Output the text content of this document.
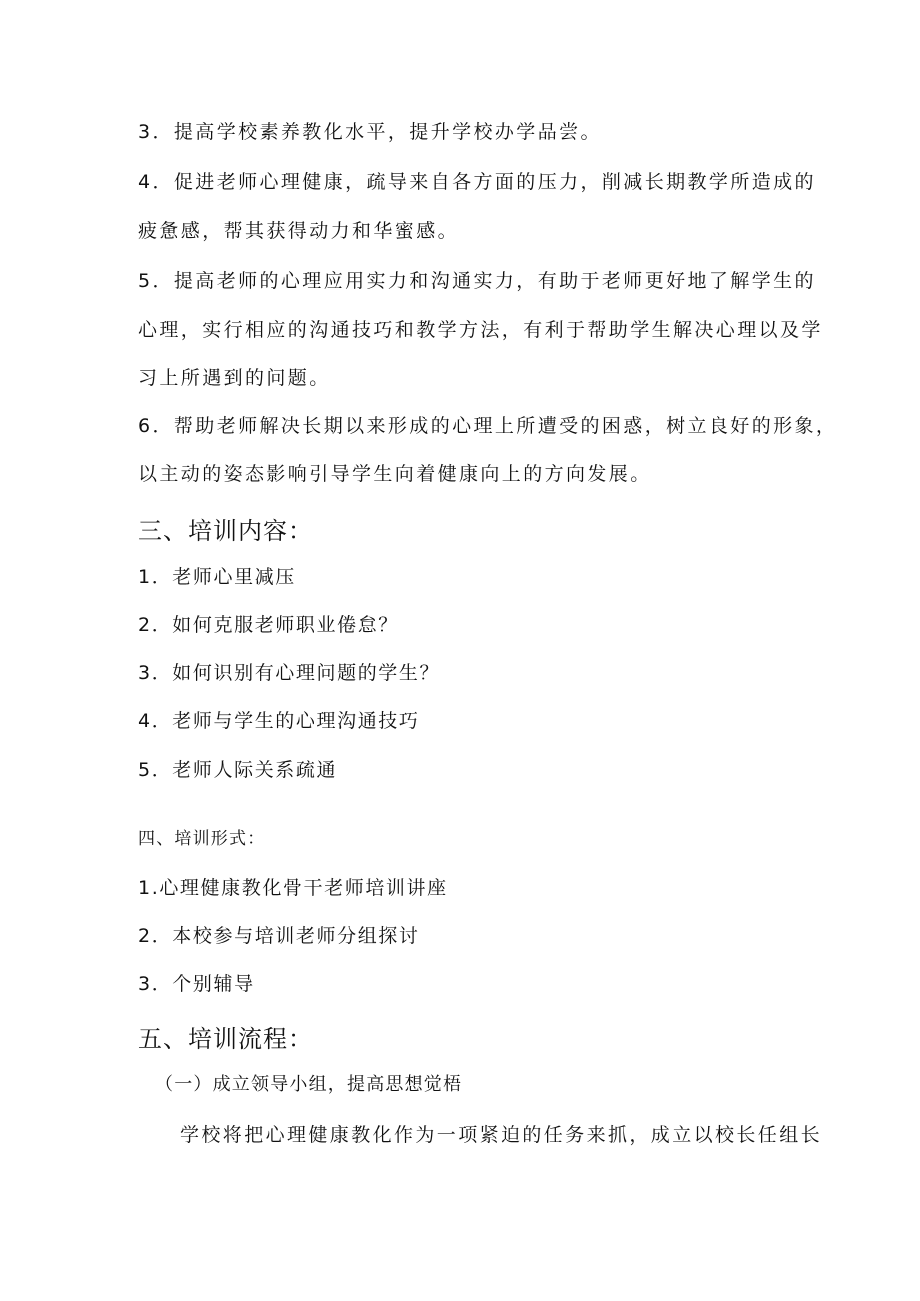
3．提高学校素养教化水平，提升学校办学品尝。
4．促进老师心理健康，疏导来自各方面的压力，削减长期教学所造成的
疲惫感，帮其获得动力和华蜜感。
5．提高老师的心理应用实力和沟通实力，有助于老师更好地了解学生的
心理，实行相应的沟通技巧和教学方法，有利于帮助学生解决心理以及学
习上所遇到的问题。
6．帮助老师解决长期以来形成的心理上所遭受的困惑，树立良好的形象，
以主动的姿态影响引导学生向着健康向上的方向发展。
三、培训内容：
1．老师心里减压
2．如何克服老师职业倦怠？
3．如何识别有心理问题的学生？
4．老师与学生的心理沟通技巧
5．老师人际关系疏通
四、培训形式：
1.心理健康教化骨干老师培训讲座
2．本校参与培训老师分组探讨
3．个别辅导
五、培训流程：
（一）成立领导小组，提高思想觉梧
学校将把心理健康教化作为一项紧迫的任务来抓，成立以校长任组长
